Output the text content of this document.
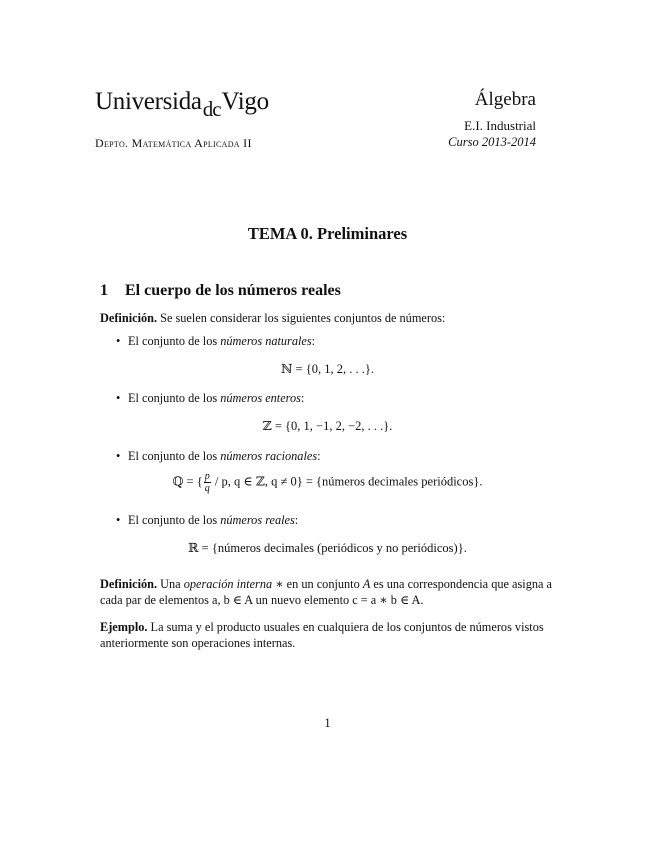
Universida$_{dc}$Vigo
Depto. Matemática Aplicada II
Álgebra
E.I. Industrial
Curso 2013-2014
TEMA 0. Preliminares
1 El cuerpo de los números reales
Definición. Se suelen considerar los siguientes conjuntos de números:
• El conjunto de los números naturales:
ℕ = {0, 1, 2, . . .}.
• El conjunto de los números enteros:
ℤ = {0, 1, −1, 2, −2, . . .}.
• El conjunto de los números racionales:
ℚ = { $\frac{p}{q}$ / p, q ∈ ℤ, q ≠ 0} = {números decimales periódicos}.
• El conjunto de los números reales:
ℝ = {números decimales (periódicos y no periódicos)}.
Definición. Una operación interna ∗ en un conjunto A es una correspondencia que asigna a cada par de elementos a, b ∈ A un nuevo elemento c = a ∗ b ∈ A.
Ejemplo. La suma y el producto usuales en cualquiera de los conjuntos de números vistos anteriormente son operaciones internas.
1
